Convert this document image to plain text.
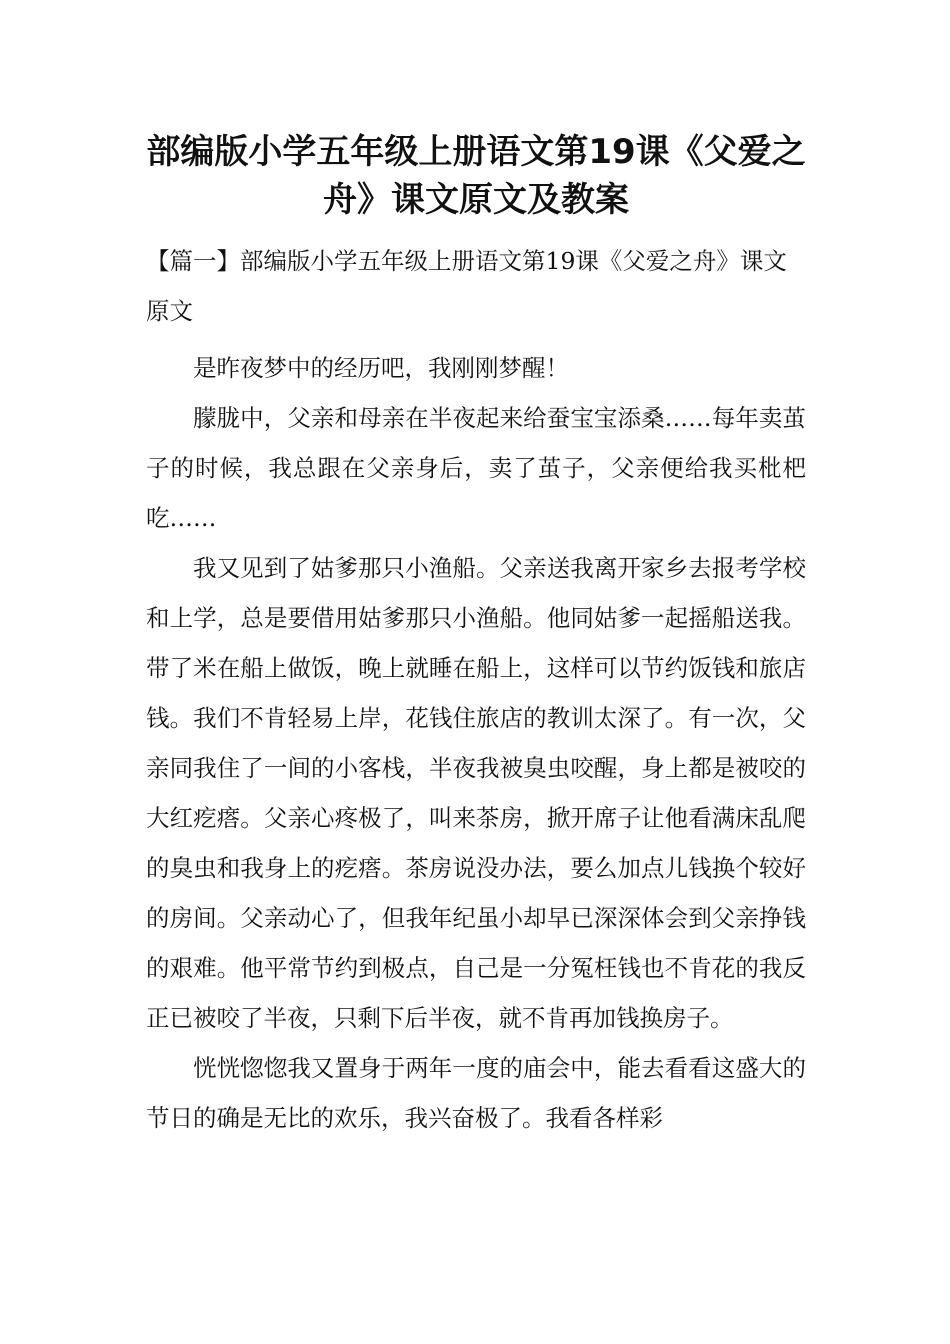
部编版小学五年级上册语文第19课《父爱之舟》课文原文及教案

【篇一】部编版小学五年级上册语文第19课《父爱之舟》课文原文

是昨夜梦中的经历吧，我刚刚梦醒！

朦胧中，父亲和母亲在半夜起来给蚕宝宝添桑……每年卖茧子的时候，我总跟在父亲身后，卖了茧子，父亲便给我买枇杷吃……

我又见到了姑爹那只小渔船。父亲送我离开家乡去报考学校和上学，总是要借用姑爹那只小渔船。他同姑爹一起摇船送我。带了米在船上做饭，晚上就睡在船上，这样可以节约饭钱和旅店钱。我们不肯轻易上岸，花钱住旅店的教训太深了。有一次，父亲同我住了一间的小客栈，半夜我被臭虫咬醒，身上都是被咬的大红疙瘩。父亲心疼极了，叫来茶房，掀开席子让他看满床乱爬的臭虫和我身上的疙瘩。茶房说没办法，要么加点儿钱换个较好的房间。父亲动心了，但我年纪虽小却早已深深体会到父亲挣钱的艰难。他平常节约到极点，自己是一分冤枉钱也不肯花的我反正已被咬了半夜，只剩下后半夜，就不肯再加钱换房子。

恍恍惚惚我又置身于两年一度的庙会中，能去看看这盛大的节日的确是无比的欢乐，我兴奋极了。我看各样彩
